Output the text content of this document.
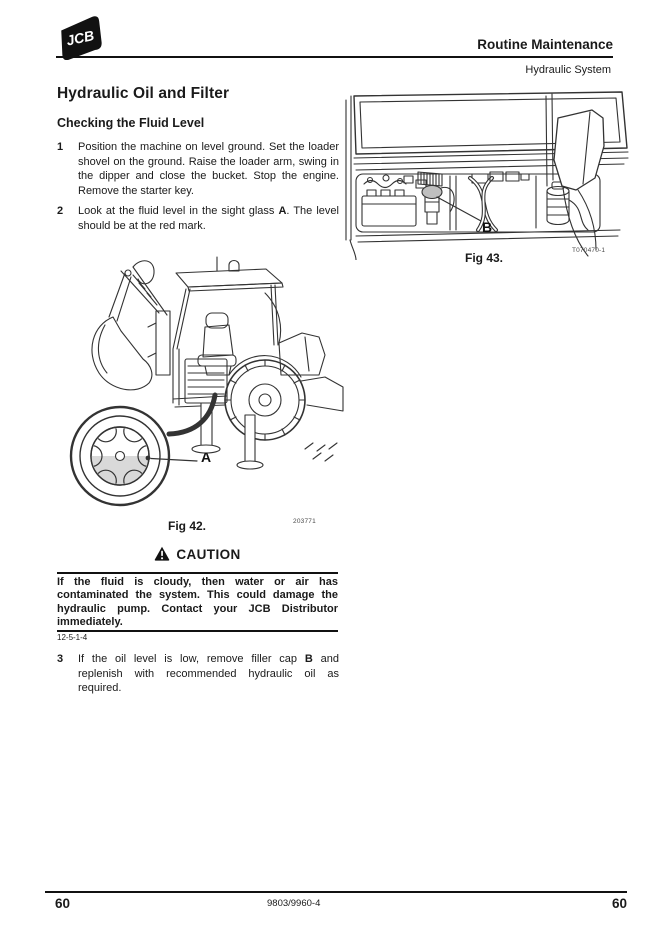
JCB	Routine Maintenance
Hydraulic System
Hydraulic Oil and Filter
Checking the Fluid Level
1	Position the machine on level ground. Set the loader shovel on the ground. Raise the loader arm, swing in the dipper and close the bucket. Stop the engine. Remove the starter key.
2	Look at the fluid level in the sight glass A. The level should be at the red mark.	B
T070470-1
Fig 43.
A
203771
Fig 42.
CAUTION
If the fluid is cloudy, then water or air has contaminated the system. This could damage the hydraulic pump. Contact your JCB Distributor immediately.
12-5-1-4
3	If the oil level is low, remove filler cap B and replenish with recommended hydraulic oil as required.
60	9803/9960-4	60
